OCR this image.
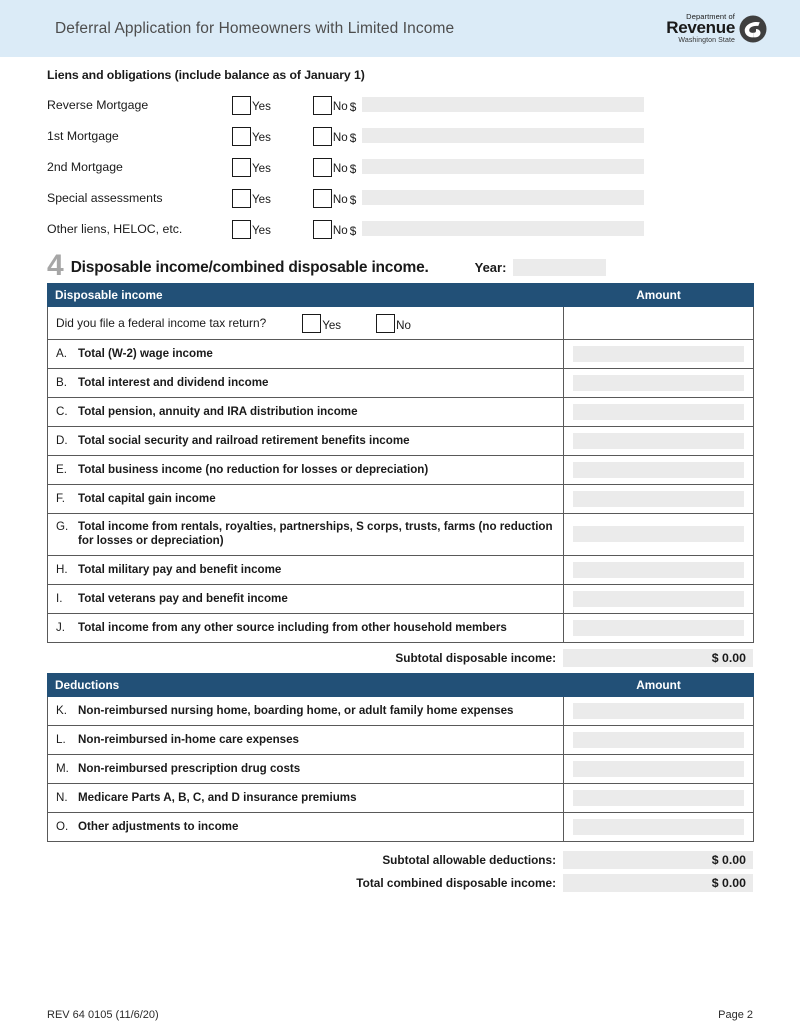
Deferral Application for Homeowners with Limited Income
Department of
Revenue
Washington State
Liens and obligations (include balance as of January 1)
Reverse Mortgage	Yes	No $
1st Mortgage	Yes	No $
2nd Mortgage	Yes	No $
Special assessments	Yes	No $
Other liens, HELOC, etc.	Yes	No $
4 Disposable income/combined disposable income.	Year:
Disposable income	Amount

Did you file a federal income tax return? Yes No	

A. Total (W-2) wage income	

B. Total interest and dividend income	

C. Total pension, annuity and IRA distribution income	

D. Total social security and railroad retirement benefits income	

E. Total business income (no reduction for losses or depreciation)	

F. Total capital gain income	

G. Total income from rentals, royalties, partnerships, S corps, trusts, farms (no reduction for losses or depreciation)	

H. Total military pay and benefit income	

I. Total veterans pay and benefit income	

J. Total income from any other source including from other household members	

Subtotal disposable income:	$ 0.00
Deductions	Amount

K. Non-reimbursed nursing home, boarding home, or adult family home expenses	

L. Non-reimbursed in-home care expenses	

M. Non-reimbursed prescription drug costs	

N. Medicare Parts A, B, C, and D insurance premiums	

O. Other adjustments to income	

Subtotal allowable deductions:	$ 0.00
Total combined disposable income:	$ 0.00
REV 64 0105 (11/6/20)	Page 2
